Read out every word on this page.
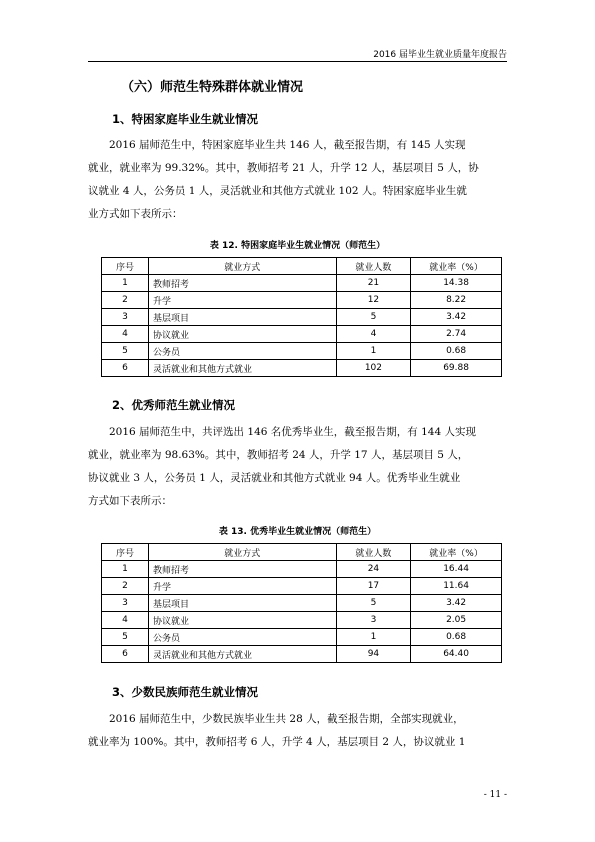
2016 届毕业生就业质量年度报告
（六）师范生特殊群体就业情况
1、特困家庭毕业生就业情况

2016 届师范生中，特困家庭毕业生共 146 人，截至报告期，有 145 人实现
就业，就业率为 99.32%。其中，教师招考 21 人，升学 12 人，基层项目 5 人，协
议就业 4 人，公务员 1 人，灵活就业和其他方式就业 102 人。特困家庭毕业生就
业方式如下表所示：

表 12. 特困家庭毕业生就业情况（师范生）
序号	就业方式	就业人数	就业率（%）
1	教师招考	21	14.38
2	升学	12	8.22
3	基层项目	5	3.42
4	协议就业	4	2.74
5	公务员	1	0.68
6	灵活就业和其他方式就业	102	69.88
2、优秀师范生就业情况

2016 届师范生中，共评选出 146 名优秀毕业生，截至报告期，有 144 人实现
就业，就业率为 98.63%。其中，教师招考 24 人，升学 17 人，基层项目 5 人，
协议就业 3 人，公务员 1 人，灵活就业和其他方式就业 94 人。优秀毕业生就业
方式如下表所示：

表 13. 优秀毕业生就业情况（师范生）
序号	就业方式	就业人数	就业率（%）
1	教师招考	24	16.44
2	升学	17	11.64
3	基层项目	5	3.42
4	协议就业	3	2.05
5	公务员	1	0.68
6	灵活就业和其他方式就业	94	64.40
3、少数民族师范生就业情况

2016 届师范生中，少数民族毕业生共 28 人，截至报告期，全部实现就业，
就业率为 100%。其中，教师招考 6 人，升学 4 人，基层项目 2 人，协议就业 1

- 11 -
